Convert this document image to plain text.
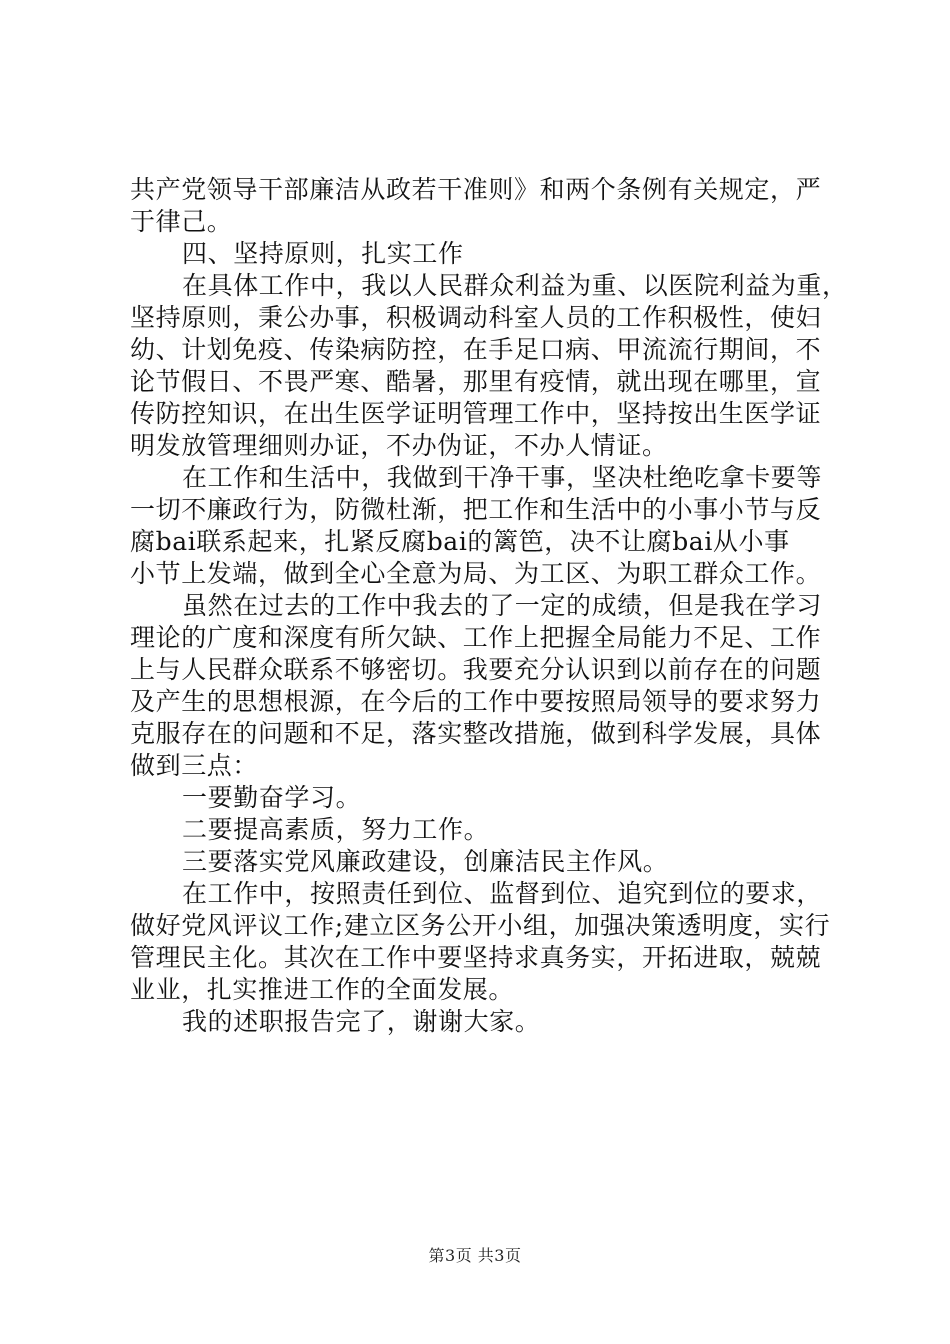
共产党领导干部廉洁从政若干准则》和两个条例有关规定，严
于律己。
四、坚持原则，扎实工作
在具体工作中，我以人民群众利益为重、以医院利益为重，
坚持原则，秉公办事，积极调动科室人员的工作积极性，使妇
幼、计划免疫、传染病防控，在手足口病、甲流流行期间，不
论节假日、不畏严寒、酷暑，那里有疫情，就出现在哪里，宣
传防控知识，在出生医学证明管理工作中，坚持按出生医学证
明发放管理细则办证，不办伪证，不办人情证。
在工作和生活中，我做到干净干事，坚决杜绝吃拿卡要等
一切不廉政行为，防微杜渐，把工作和生活中的小事小节与反
腐bai联系起来，扎紧反腐bai的篱笆，决不让腐bai从小事
小节上发端，做到全心全意为局、为工区、为职工群众工作。
虽然在过去的工作中我去的了一定的成绩，但是我在学习
理论的广度和深度有所欠缺、工作上把握全局能力不足、工作
上与人民群众联系不够密切。我要充分认识到以前存在的问题
及产生的思想根源，在今后的工作中要按照局领导的要求努力
克服存在的问题和不足，落实整改措施，做到科学发展，具体
做到三点：
一要勤奋学习。
二要提高素质，努力工作。
三要落实党风廉政建设，创廉洁民主作风。
在工作中，按照责任到位、监督到位、追究到位的要求，
做好党风评议工作;建立区务公开小组，加强决策透明度，实行
管理民主化。其次在工作中要坚持求真务实，开拓进取，兢兢
业业，扎实推进工作的全面发展。
我的述职报告完了，谢谢大家。
第3页 共3页
